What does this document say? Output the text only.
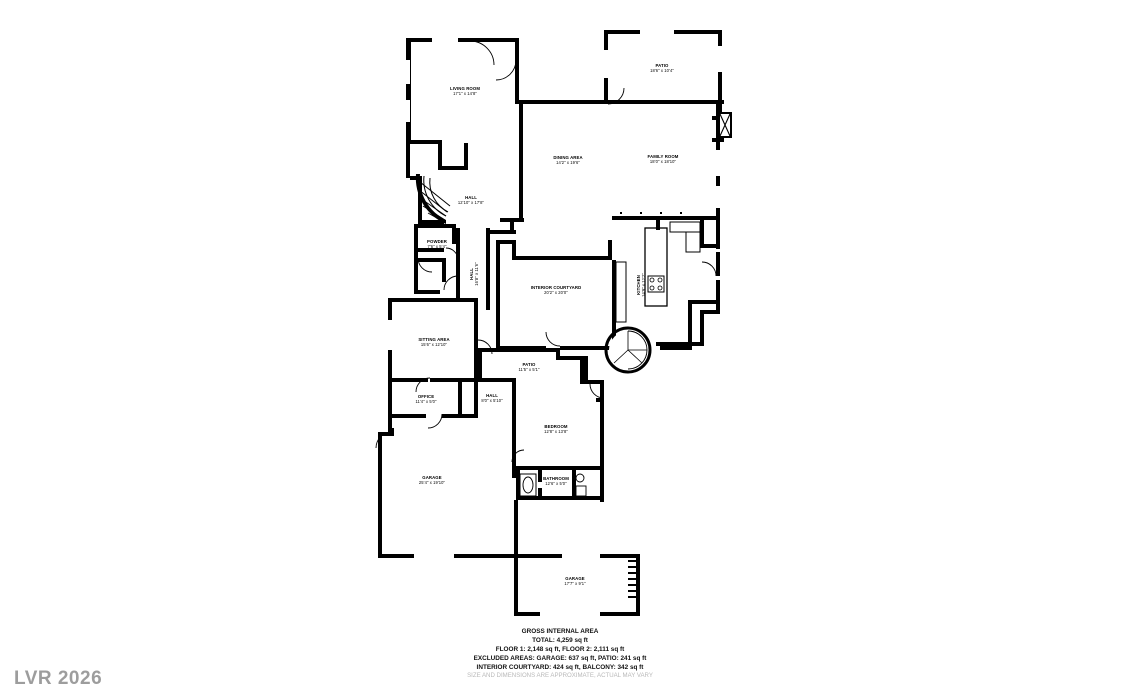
LIVING ROOM
17'1" x 14'8"
PATIO
18'6" x 10'4"
DINING AREA
14'2" x 19'6"
FAMILY ROOM
18'0" x 18'10"
HALL
12'10" x 17'8"
POWDER
7'6" x 5'4"
HALL 16'8" x 11'6"
INTERIOR COURTYARD
20'2" x 20'0"	KITCHEN 14'9" x 12'2"
SITTING AREA
15'6" x 12'10"
PATIO
11'5" x 5'1"
OFFICE
11'4" x 5'0"
HALL
8'0" x 5'10"
BEDROOM
12'8" x 13'8"
GARAGE
25'4" x 19'10"
BATHROOM
12'6" x 5'0"
GARAGE
17'7" x 9'1"
GROSS INTERNAL AREA
TOTAL: 4,259 sq ft
FLOOR 1: 2,148 sq ft, FLOOR 2: 2,111 sq ft
EXCLUDED AREAS: GARAGE: 637 sq ft, PATIO: 241 sq ft
INTERIOR COURTYARD: 424 sq ft, BALCONY: 342 sq ft
SIZE AND DIMENSIONS ARE APPROXIMATE, ACTUAL MAY VARY
LVR 2026
